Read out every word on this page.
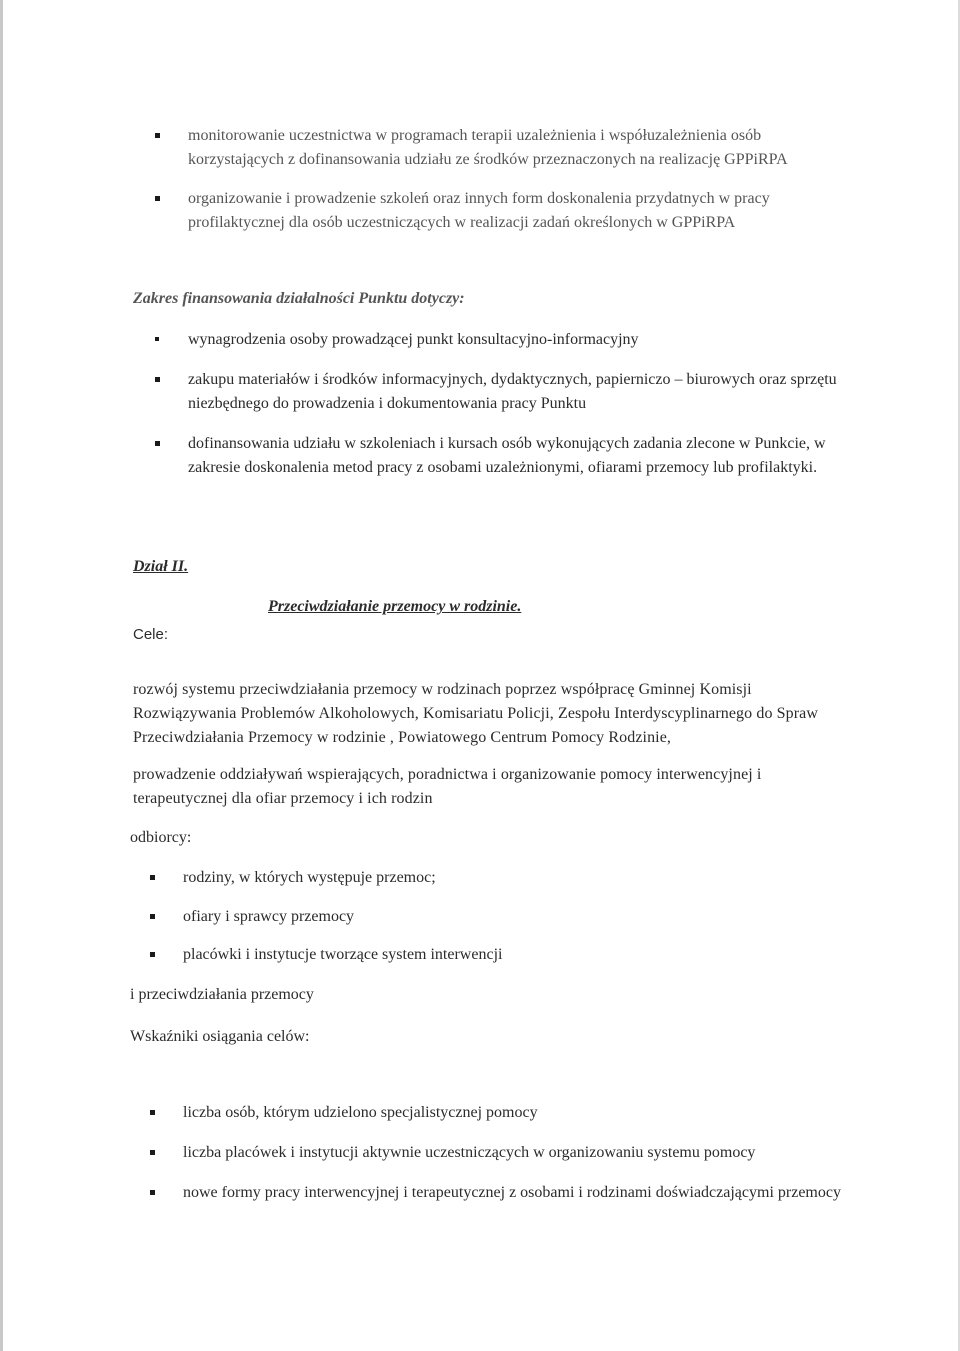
monitorowanie uczestnictwa w programach terapii uzależnienia i współuzależnienia osób korzystających z dofinansowania udziału ze środków przeznaczonych na realizację GPPiRPA
organizowanie i prowadzenie szkoleń oraz innych form doskonalenia przydatnych w pracy profilaktycznej dla osób uczestniczących w realizacji zadań określonych w GPPiRPA
Zakres finansowania działalności Punktu dotyczy:
wynagrodzenia osoby prowadzącej punkt konsultacyjno-informacyjny
zakupu materiałów i środków informacyjnych, dydaktycznych, papierniczo – biurowych oraz sprzętu niezbędnego do prowadzenia i dokumentowania pracy Punktu
dofinansowania udziału w szkoleniach i kursach osób wykonujących zadania zlecone w Punkcie, w zakresie doskonalenia metod pracy z osobami uzależnionymi, ofiarami przemocy lub profilaktyki.
Dział II.
Przeciwdziałanie przemocy w rodzinie.
Cele:
rozwój systemu przeciwdziałania przemocy w rodzinach poprzez współpracę Gminnej Komisji Rozwiązywania Problemów Alkoholowych, Komisariatu Policji, Zespołu Interdyscyplinarnego do Spraw Przeciwdziałania Przemocy w rodzinie , Powiatowego Centrum Pomocy Rodzinie,
prowadzenie oddziaływań wspierających, poradnictwa i organizowanie pomocy interwencyjnej i terapeutycznej dla ofiar przemocy i ich rodzin
odbiorcy:
rodziny, w których występuje przemoc;
ofiary i sprawcy przemocy
placówki i instytucje tworzące system interwencji
i przeciwdziałania przemocy
Wskaźniki osiągania celów:
liczba osób, którym udzielono specjalistycznej pomocy
liczba placówek i instytucji aktywnie uczestniczących w organizowaniu systemu pomocy
nowe formy pracy interwencyjnej i terapeutycznej z osobami i rodzinami doświadczającymi przemocy
